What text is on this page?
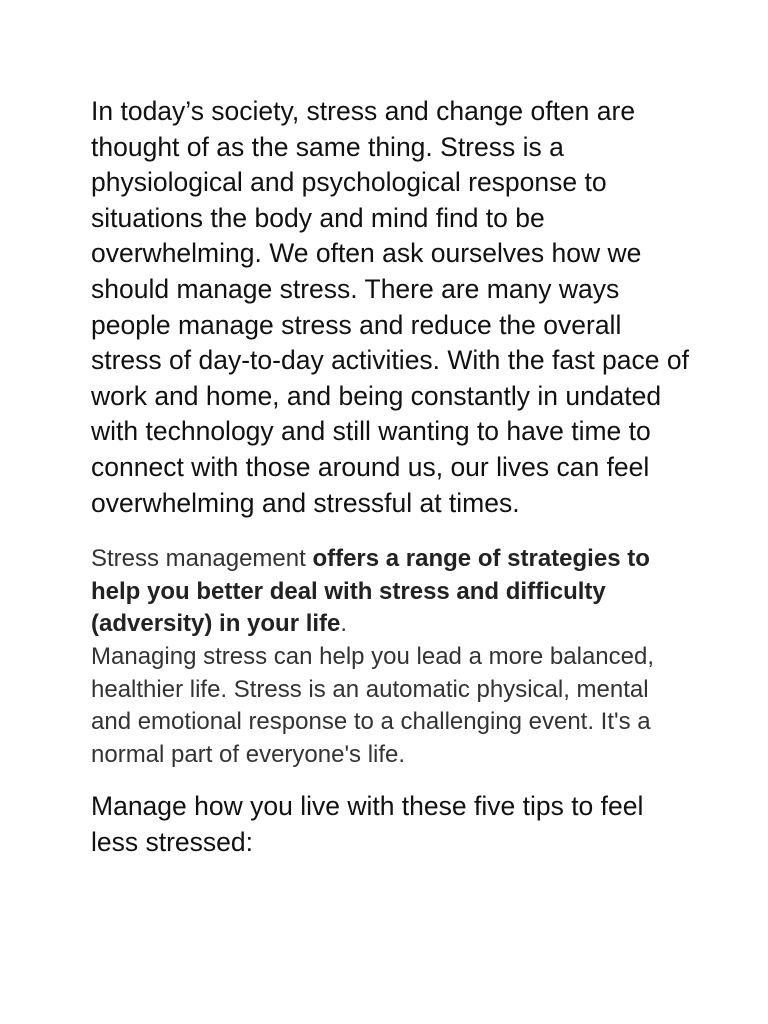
In today’s society, stress and change often are thought of as the same thing. Stress is a physiological and psychological response to situations the body and mind find to be overwhelming. We often ask ourselves how we should manage stress. There are many ways people manage stress and reduce the overall stress of day-to-day activities. With the fast pace of work and home, and being constantly in undated with technology and still wanting to have time to connect with those around us, our lives can feel overwhelming and stressful at times.

Stress management offers a range of strategies to help you better deal with stress and difficulty (adversity) in your life.
Managing stress can help you lead a more balanced, healthier life. Stress is an automatic physical, mental and emotional response to a challenging event. It's a normal part of everyone's life.

Manage how you live with these five tips to feel less stressed:
